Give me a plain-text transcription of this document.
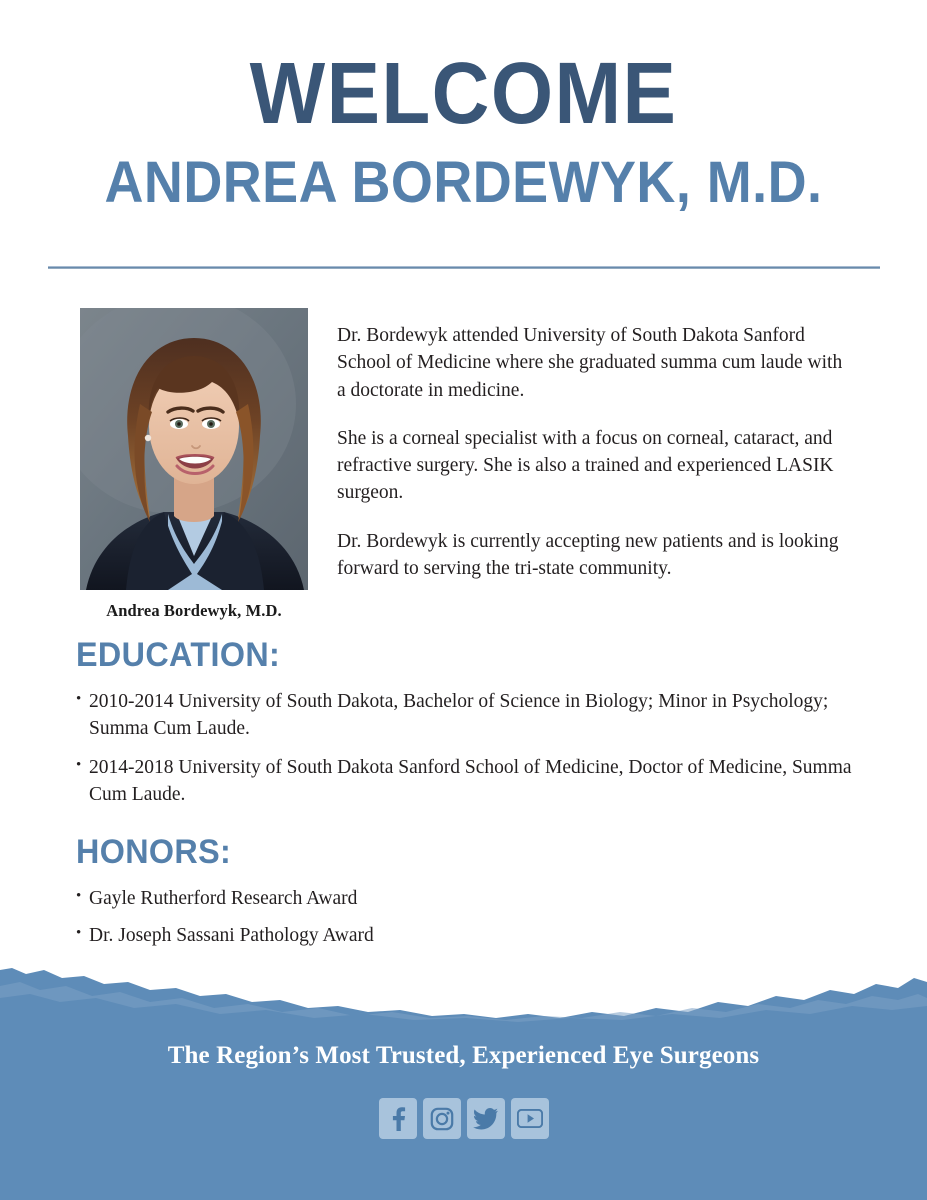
WELCOME
ANDREA BORDEWYK, M.D.
Andrea Bordewyk, M.D.

Dr. Bordewyk attended University of South Dakota Sanford School of Medicine where she graduated summa cum laude with a doctorate in medicine.

She is a corneal specialist with a focus on corneal, cataract, and refractive surgery. She is also a trained and experienced LASIK surgeon.

Dr. Bordewyk is currently accepting new patients and is looking forward to serving the tri-state community.

EDUCATION:
• 2010-2014 University of South Dakota, Bachelor of Science in Biology; Minor in Psychology; Summa Cum Laude.
• 2014-2018 University of South Dakota Sanford School of Medicine, Doctor of Medicine, Summa Cum Laude.
HONORS:
• Gayle Rutherford Research Award
• Dr. Joseph Sassani Pathology Award
The Region’s Most Trusted, Experienced Eye Surgeons
